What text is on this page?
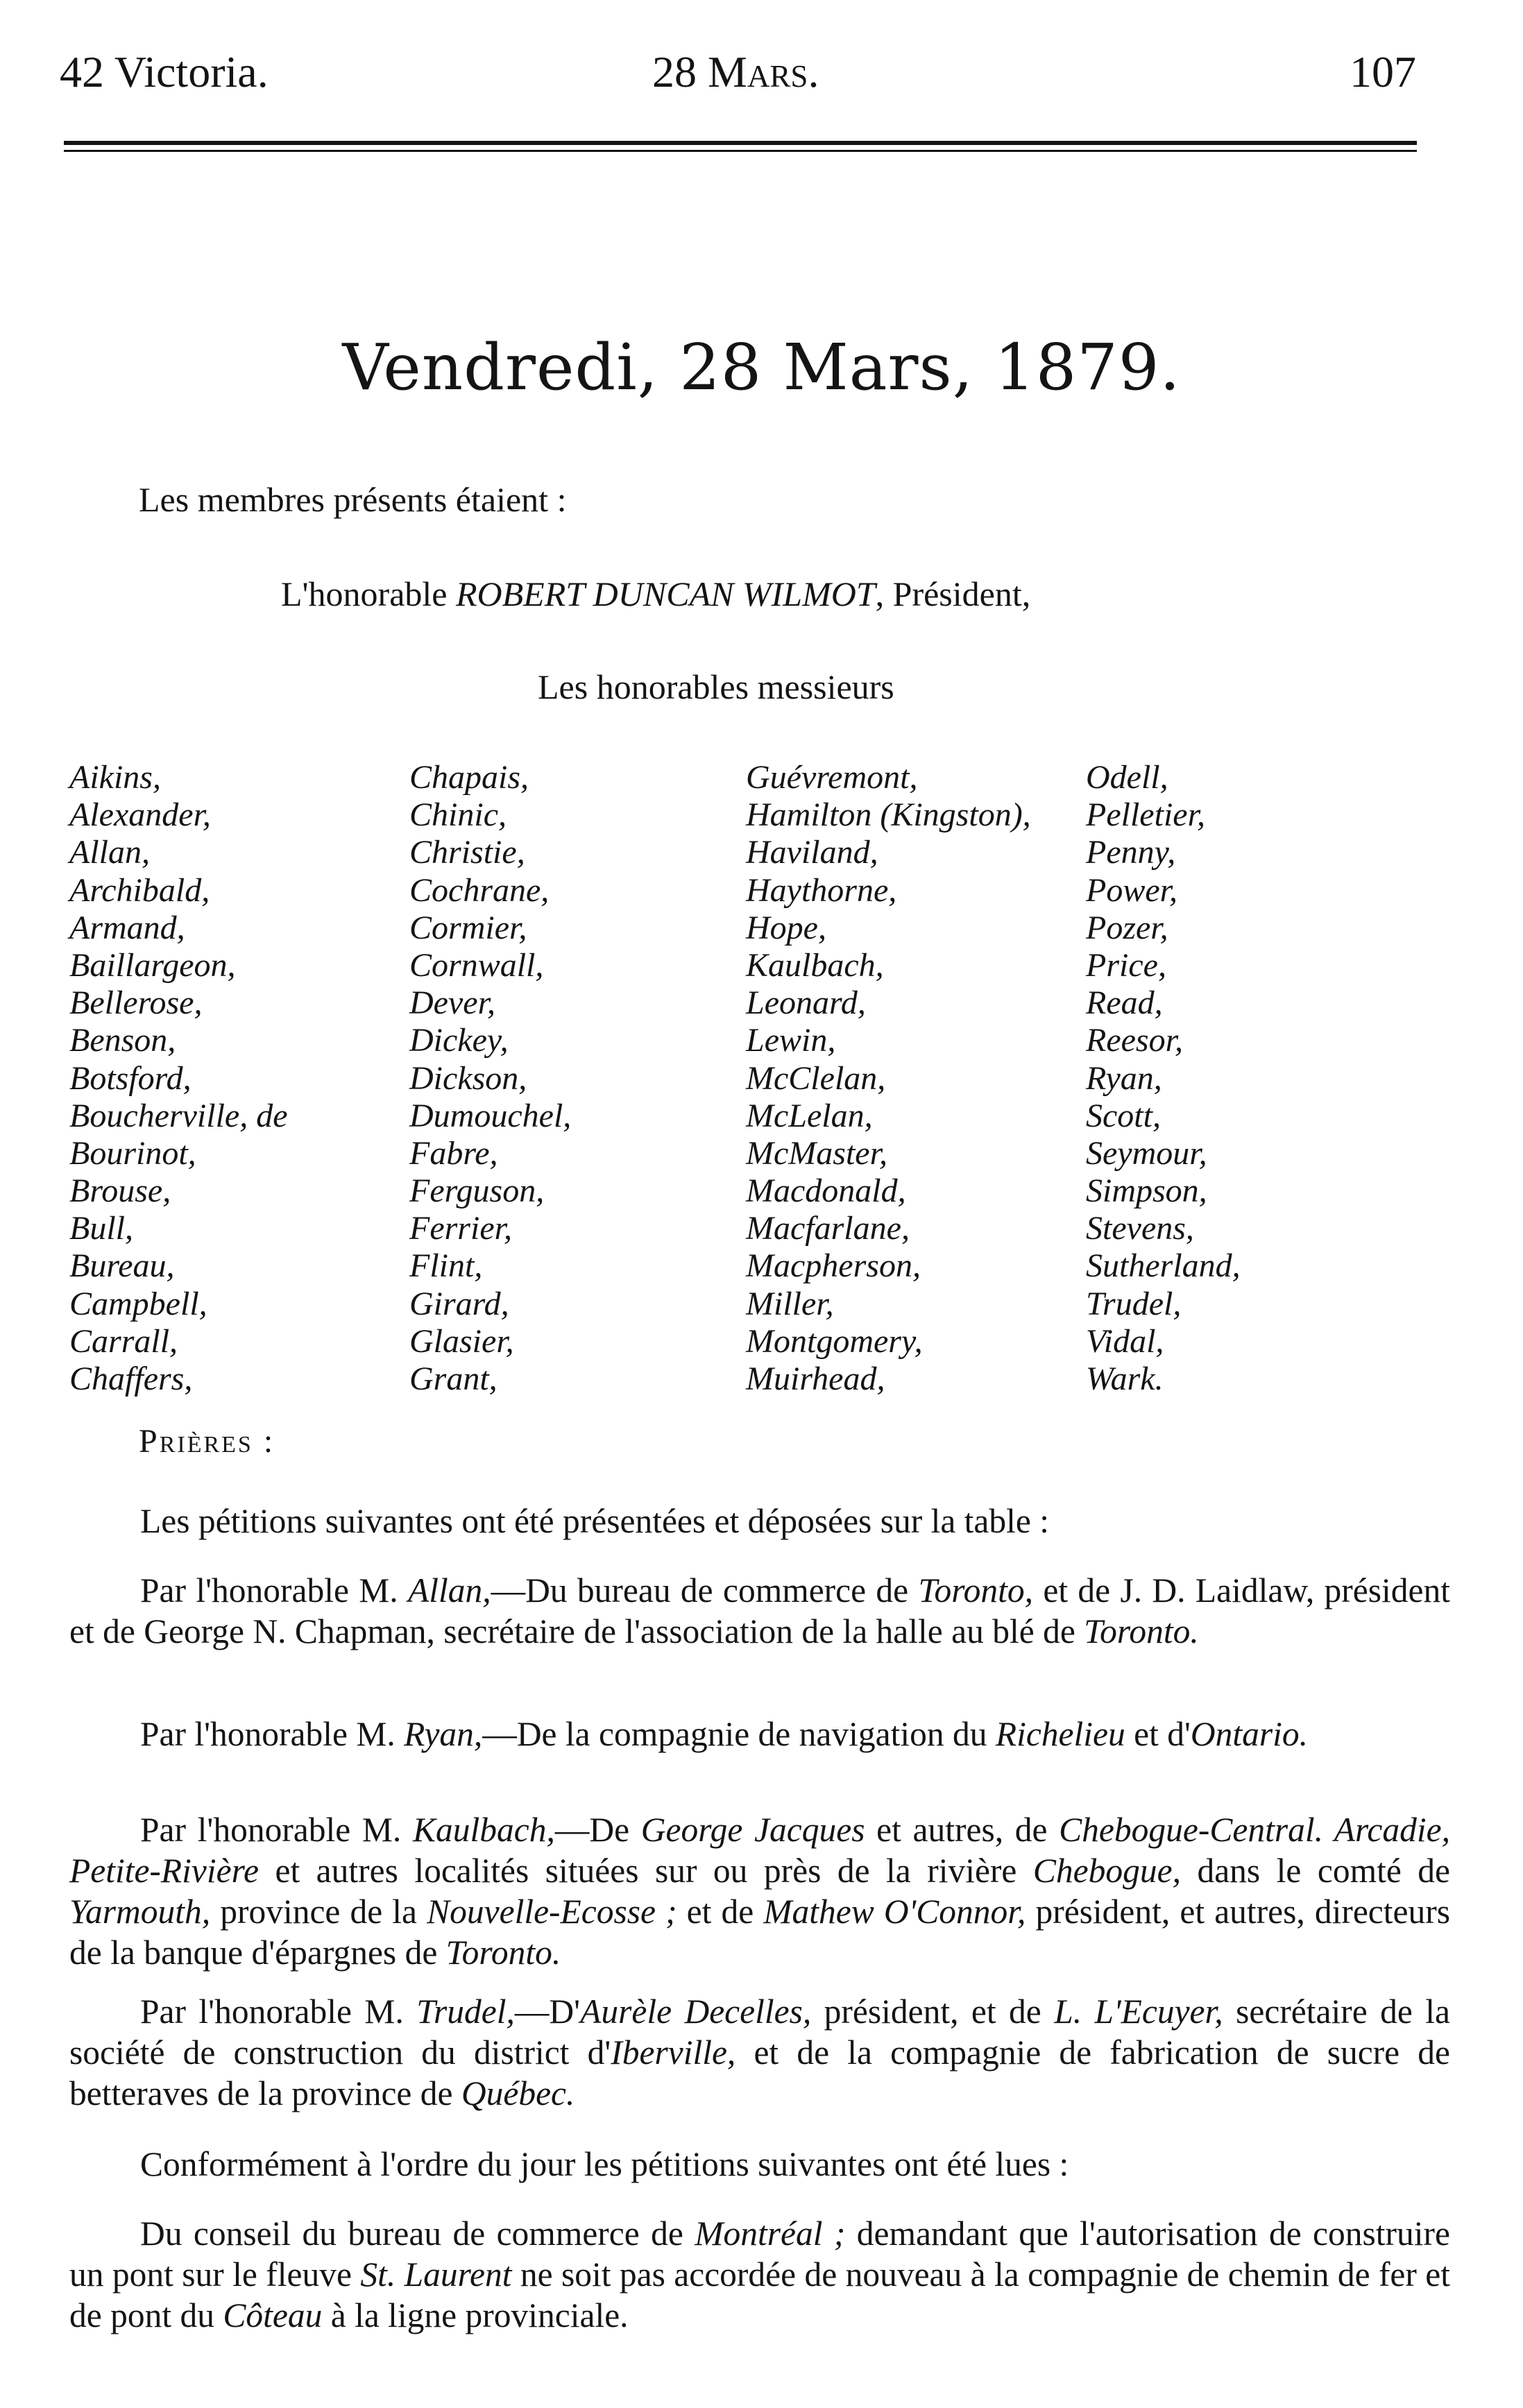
42 Victoria.	28 Mars.	107
Vendredi, 28 Mars, 1879.
Les membres présents étaient :
L'honorable ROBERT DUNCAN WILMOT, Président,
Les honorables messieurs
Aikins,
Alexander,
Allan,
Archibald,
Armand,
Baillargeon,
Bellerose,
Benson,
Botsford,
Boucherville, de
Bourinot,
Brouse,
Bull,
Bureau,
Campbell,
Carrall,
Chaffers,
Chapais,
Chinic,
Christie,
Cochrane,
Cormier,
Cornwall,
Dever,
Dickey,
Dickson,
Dumouchel,
Fabre,
Ferguson,
Ferrier,
Flint,
Girard,
Glasier,
Grant,
Guévremont,
Hamilton (Kingston),
Haviland,
Haythorne,
Hope,
Kaulbach,
Leonard,
Lewin,
McClelan,
McLelan,
McMaster,
Macdonald,
Macfarlane,
Macpherson,
Miller,
Montgomery,
Muirhead,
Odell,
Pelletier,
Penny,
Power,
Pozer,
Price,
Read,
Reesor,
Ryan,
Scott,
Seymour,
Simpson,
Stevens,
Sutherland,
Trudel,
Vidal,
Wark.
Prières :

Les pétitions suivantes ont été présentées et déposées sur la table :

Par l'honorable M. Allan,—Du bureau de commerce de Toronto, et de J. D. Laidlaw, président et de George N. Chapman, secrétaire de l'association de la halle au blé de Toronto.

Par l'honorable M. Ryan,—De la compagnie de navigation du Richelieu et d'Ontario.

Par l'honorable M. Kaulbach,—De George Jacques et autres, de Chebogue-Central. Arcadie, Petite-Rivière et autres localités situées sur ou près de la rivière Chebogue, dans le comté de Yarmouth, province de la Nouvelle-Ecosse ; et de Mathew O'Connor, président, et autres, directeurs de la banque d'épargnes de Toronto.

Par l'honorable M. Trudel,—D'Aurèle Decelles, président, et de L. L'Ecuyer, secrétaire de la société de construction du district d'Iberville, et de la compagnie de fabrication de sucre de betteraves de la province de Québec.

Conformément à l'ordre du jour les pétitions suivantes ont été lues :

Du conseil du bureau de commerce de Montréal ; demandant que l'autorisation de construire un pont sur le fleuve St. Laurent ne soit pas accordée de nouveau à la compagnie de chemin de fer et de pont du Côteau à la ligne provinciale.
